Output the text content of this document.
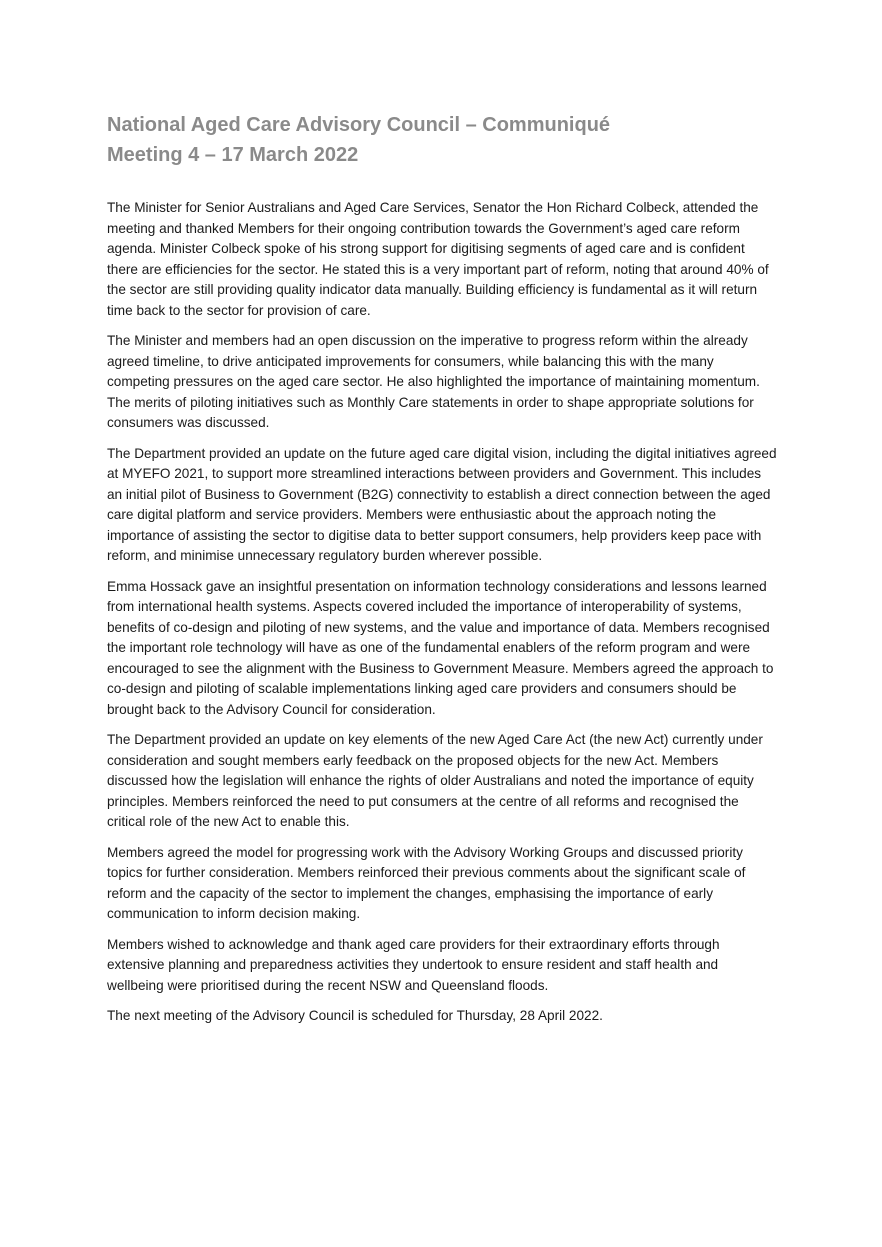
National Aged Care Advisory Council – Communiqué
Meeting 4 – 17 March 2022

The Minister for Senior Australians and Aged Care Services, Senator the Hon Richard Colbeck, attended the meeting and thanked Members for their ongoing contribution towards the Government’s aged care reform agenda. Minister Colbeck spoke of his strong support for digitising segments of aged care and is confident there are efficiencies for the sector. He stated this is a very important part of reform, noting that around 40% of the sector are still providing quality indicator data manually. Building efficiency is fundamental as it will return time back to the sector for provision of care.

The Minister and members had an open discussion on the imperative to progress reform within the already agreed timeline, to drive anticipated improvements for consumers, while balancing this with the many competing pressures on the aged care sector. He also highlighted the importance of maintaining momentum. The merits of piloting initiatives such as Monthly Care statements in order to shape appropriate solutions for consumers was discussed.

The Department provided an update on the future aged care digital vision, including the digital initiatives agreed at MYEFO 2021, to support more streamlined interactions between providers and Government. This includes an initial pilot of Business to Government (B2G) connectivity to establish a direct connection between the aged care digital platform and service providers. Members were enthusiastic about the approach noting the importance of assisting the sector to digitise data to better support consumers, help providers keep pace with reform, and minimise unnecessary regulatory burden wherever possible.

Emma Hossack gave an insightful presentation on information technology considerations and lessons learned from international health systems. Aspects covered included the importance of interoperability of systems, benefits of co-design and piloting of new systems, and the value and importance of data. Members recognised the important role technology will have as one of the fundamental enablers of the reform program and were encouraged to see the alignment with the Business to Government Measure. Members agreed the approach to co-design and piloting of scalable implementations linking aged care providers and consumers should be brought back to the Advisory Council for consideration.

The Department provided an update on key elements of the new Aged Care Act (the new Act) currently under consideration and sought members early feedback on the proposed objects for the new Act. Members discussed how the legislation will enhance the rights of older Australians and noted the importance of equity principles. Members reinforced the need to put consumers at the centre of all reforms and recognised the critical role of the new Act to enable this.

Members agreed the model for progressing work with the Advisory Working Groups and discussed priority topics for further consideration. Members reinforced their previous comments about the significant scale of reform and the capacity of the sector to implement the changes, emphasising the importance of early communication to inform decision making.

Members wished to acknowledge and thank aged care providers for their extraordinary efforts through extensive planning and preparedness activities they undertook to ensure resident and staff health and wellbeing were prioritised during the recent NSW and Queensland floods.

The next meeting of the Advisory Council is scheduled for Thursday, 28 April 2022.
